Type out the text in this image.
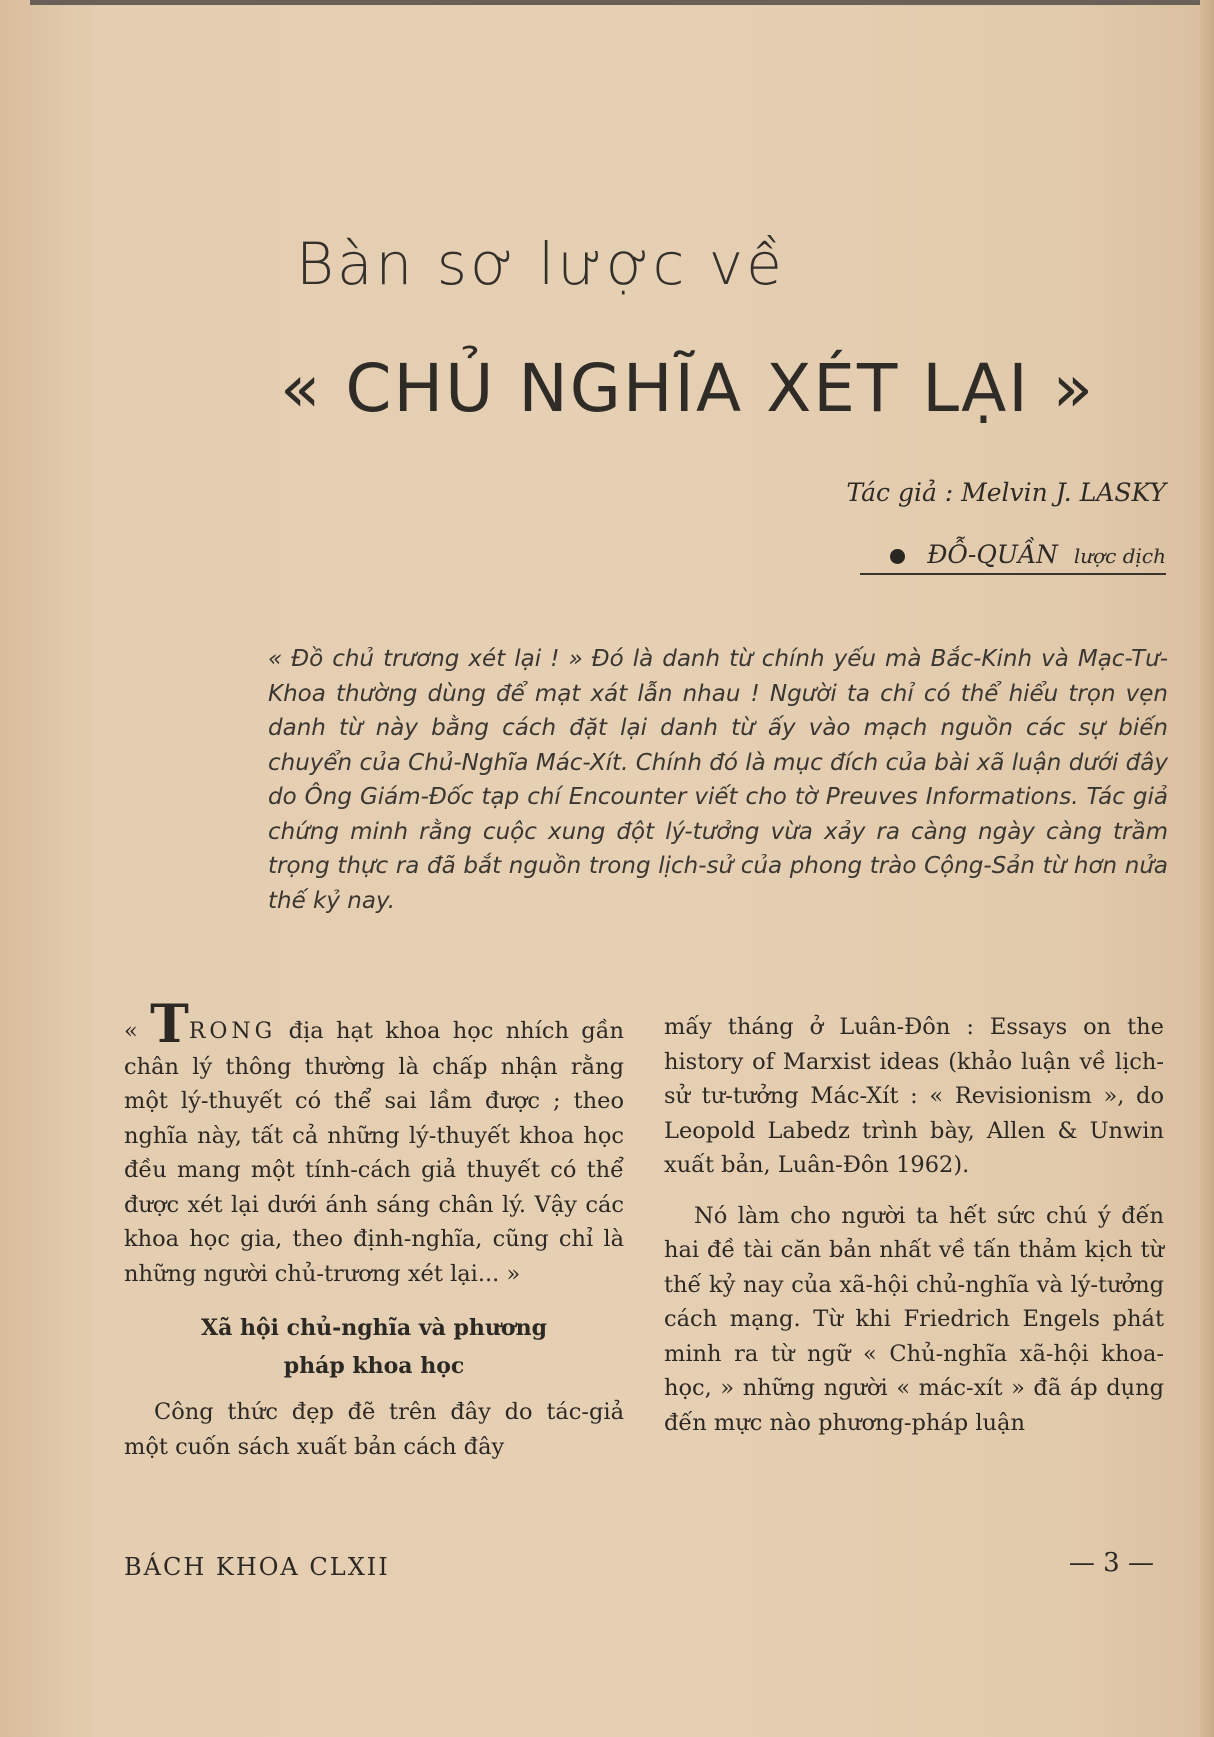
Bàn sơ lược về
« CHỦ NGHĨA XÉT LẠI »
Tác giả : Melvin J. LASKY
ĐỖ-QUẦN lược dịch
« Đồ chủ trương xét lại ! » Đó là danh từ chính yếu mà Bắc-Kinh và Mạc-Tư-Khoa thường dùng để mạt xát lẫn nhau ! Người ta chỉ có thể hiểu trọn vẹn danh từ này bằng cách đặt lại danh từ ấy vào mạch nguồn các sự biến chuyển của Chủ-Nghĩa Mác-Xít. Chính đó là mục đích của bài xã luận dưới đây do Ông Giám-Đốc tạp chí Encounter viết cho tờ Preuves Informations. Tác giả chứng minh rằng cuộc xung đột lý-tưởng vừa xảy ra càng ngày càng trầm trọng thực ra đã bắt nguồn trong lịch-sử của phong trào Cộng-Sản từ hơn nửa thế kỷ nay.

« TRONG địa hạt khoa học nhích gần chân lý thông thường là chấp nhận rằng một lý-thuyết có thể sai lầm được ; theo nghĩa này, tất cả những lý-thuyết khoa học đều mang một tính-cách giả thuyết có thể được xét lại dưới ánh sáng chân lý. Vậy các khoa học gia, theo định-nghĩa, cũng chỉ là những người chủ-trương xét lại... »

Xã hội chủ-nghĩa và phương
pháp khoa học

Công thức đẹp đẽ trên đây do tác-giả một cuốn sách xuất bản cách đây

mấy tháng ở Luân-Đôn : Essays on the history of Marxist ideas (khảo luận về lịch-sử tư-tưởng Mác-Xít : « Revisionism », do Leopold Labedz trình bày, Allen & Unwin xuất bản, Luân-Đôn 1962).

Nó làm cho người ta hết sức chú ý đến hai đề tài căn bản nhất về tấn thảm kịch từ thế kỷ nay của xã-hội chủ-nghĩa và lý-tưởng cách mạng. Từ khi Friedrich Engels phát minh ra từ ngữ « Chủ-nghĩa xã-hội khoa-học, » những người « mác-xít » đã áp dụng đến mực nào phương-pháp luận

BÁCH KHOA CLXII	— 3 —
